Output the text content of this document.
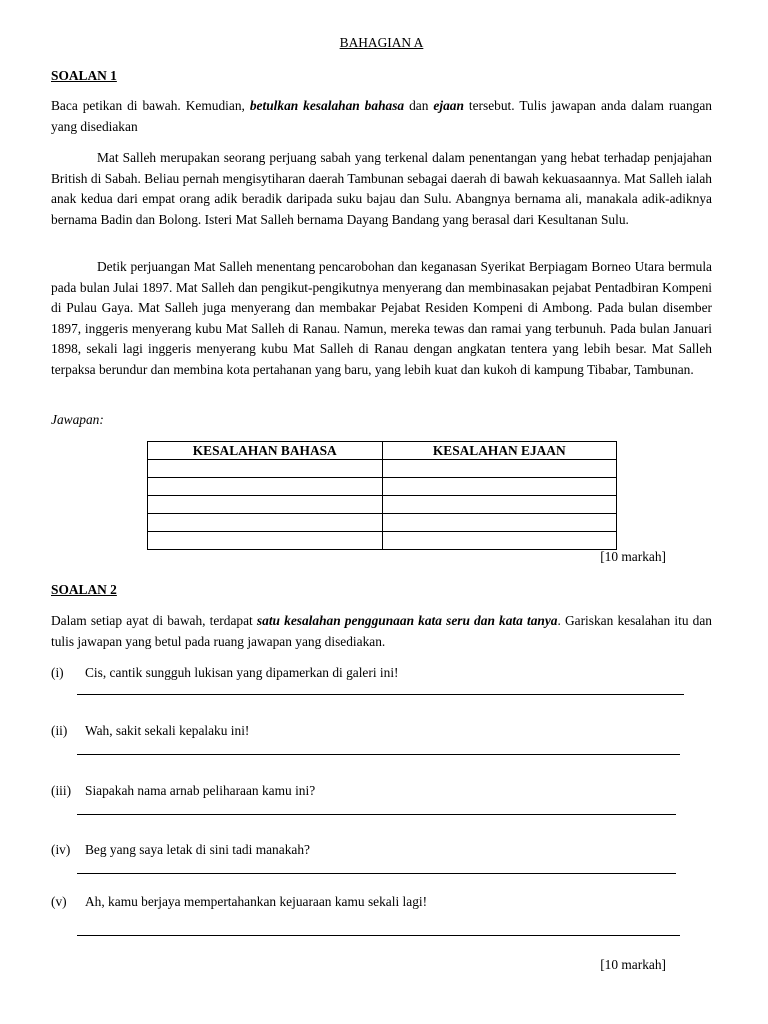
BAHAGIAN A
SOALAN 1

Baca petikan di bawah. Kemudian, betulkan kesalahan bahasa dan ejaan tersebut. Tulis jawapan anda dalam ruangan yang disediakan

Mat Salleh merupakan seorang perjuang sabah yang terkenal dalam penentangan yang hebat terhadap penjajahan British di Sabah. Beliau pernah mengisytiharan daerah Tambunan sebagai daerah di bawah kekuasaannya. Mat Salleh ialah anak kedua dari empat orang adik beradik daripada suku bajau dan Sulu. Abangnya bernama ali, manakala adik-adiknya bernama Badin dan Bolong. Isteri Mat Salleh bernama Dayang Bandang yang berasal dari Kesultanan Sulu.

Detik perjuangan Mat Salleh menentang pencarobohan dan keganasan Syerikat Berpiagam Borneo Utara bermula pada bulan Julai 1897. Mat Salleh dan pengikut-pengikutnya menyerang dan membinasakan pejabat Pentadbiran Kompeni di Pulau Gaya. Mat Salleh juga menyerang dan membakar Pejabat Residen Kompeni di Ambong. Pada bulan disember 1897, inggeris menyerang kubu Mat Salleh di Ranau. Namun, mereka tewas dan ramai yang terbunuh. Pada bulan Januari 1898, sekali lagi inggeris menyerang kubu Mat Salleh di Ranau dengan angkatan tentera yang lebih besar. Mat Salleh terpaksa berundur dan membina kota pertahanan yang baru, yang lebih kuat dan kukoh di kampung Tibabar, Tambunan.

Jawapan:
KESALAHAN BAHASA	KESALAHAN EJAAN

[10 markah]
SOALAN 2

Dalam setiap ayat di bawah, terdapat satu kesalahan penggunaan kata seru dan kata tanya. Gariskan kesalahan itu dan tulis jawapan yang betul pada ruang jawapan yang disediakan.

(i) Cis, cantik sungguh lukisan yang dipamerkan di galeri ini!
(ii) Wah, sakit sekali kepalaku ini!
(iii) Siapakah nama arnab peliharaan kamu ini?
(iv) Beg yang saya letak di sini tadi manakah?
(v) Ah, kamu berjaya mempertahankan kejuaraan kamu sekali lagi!
[10 markah]
